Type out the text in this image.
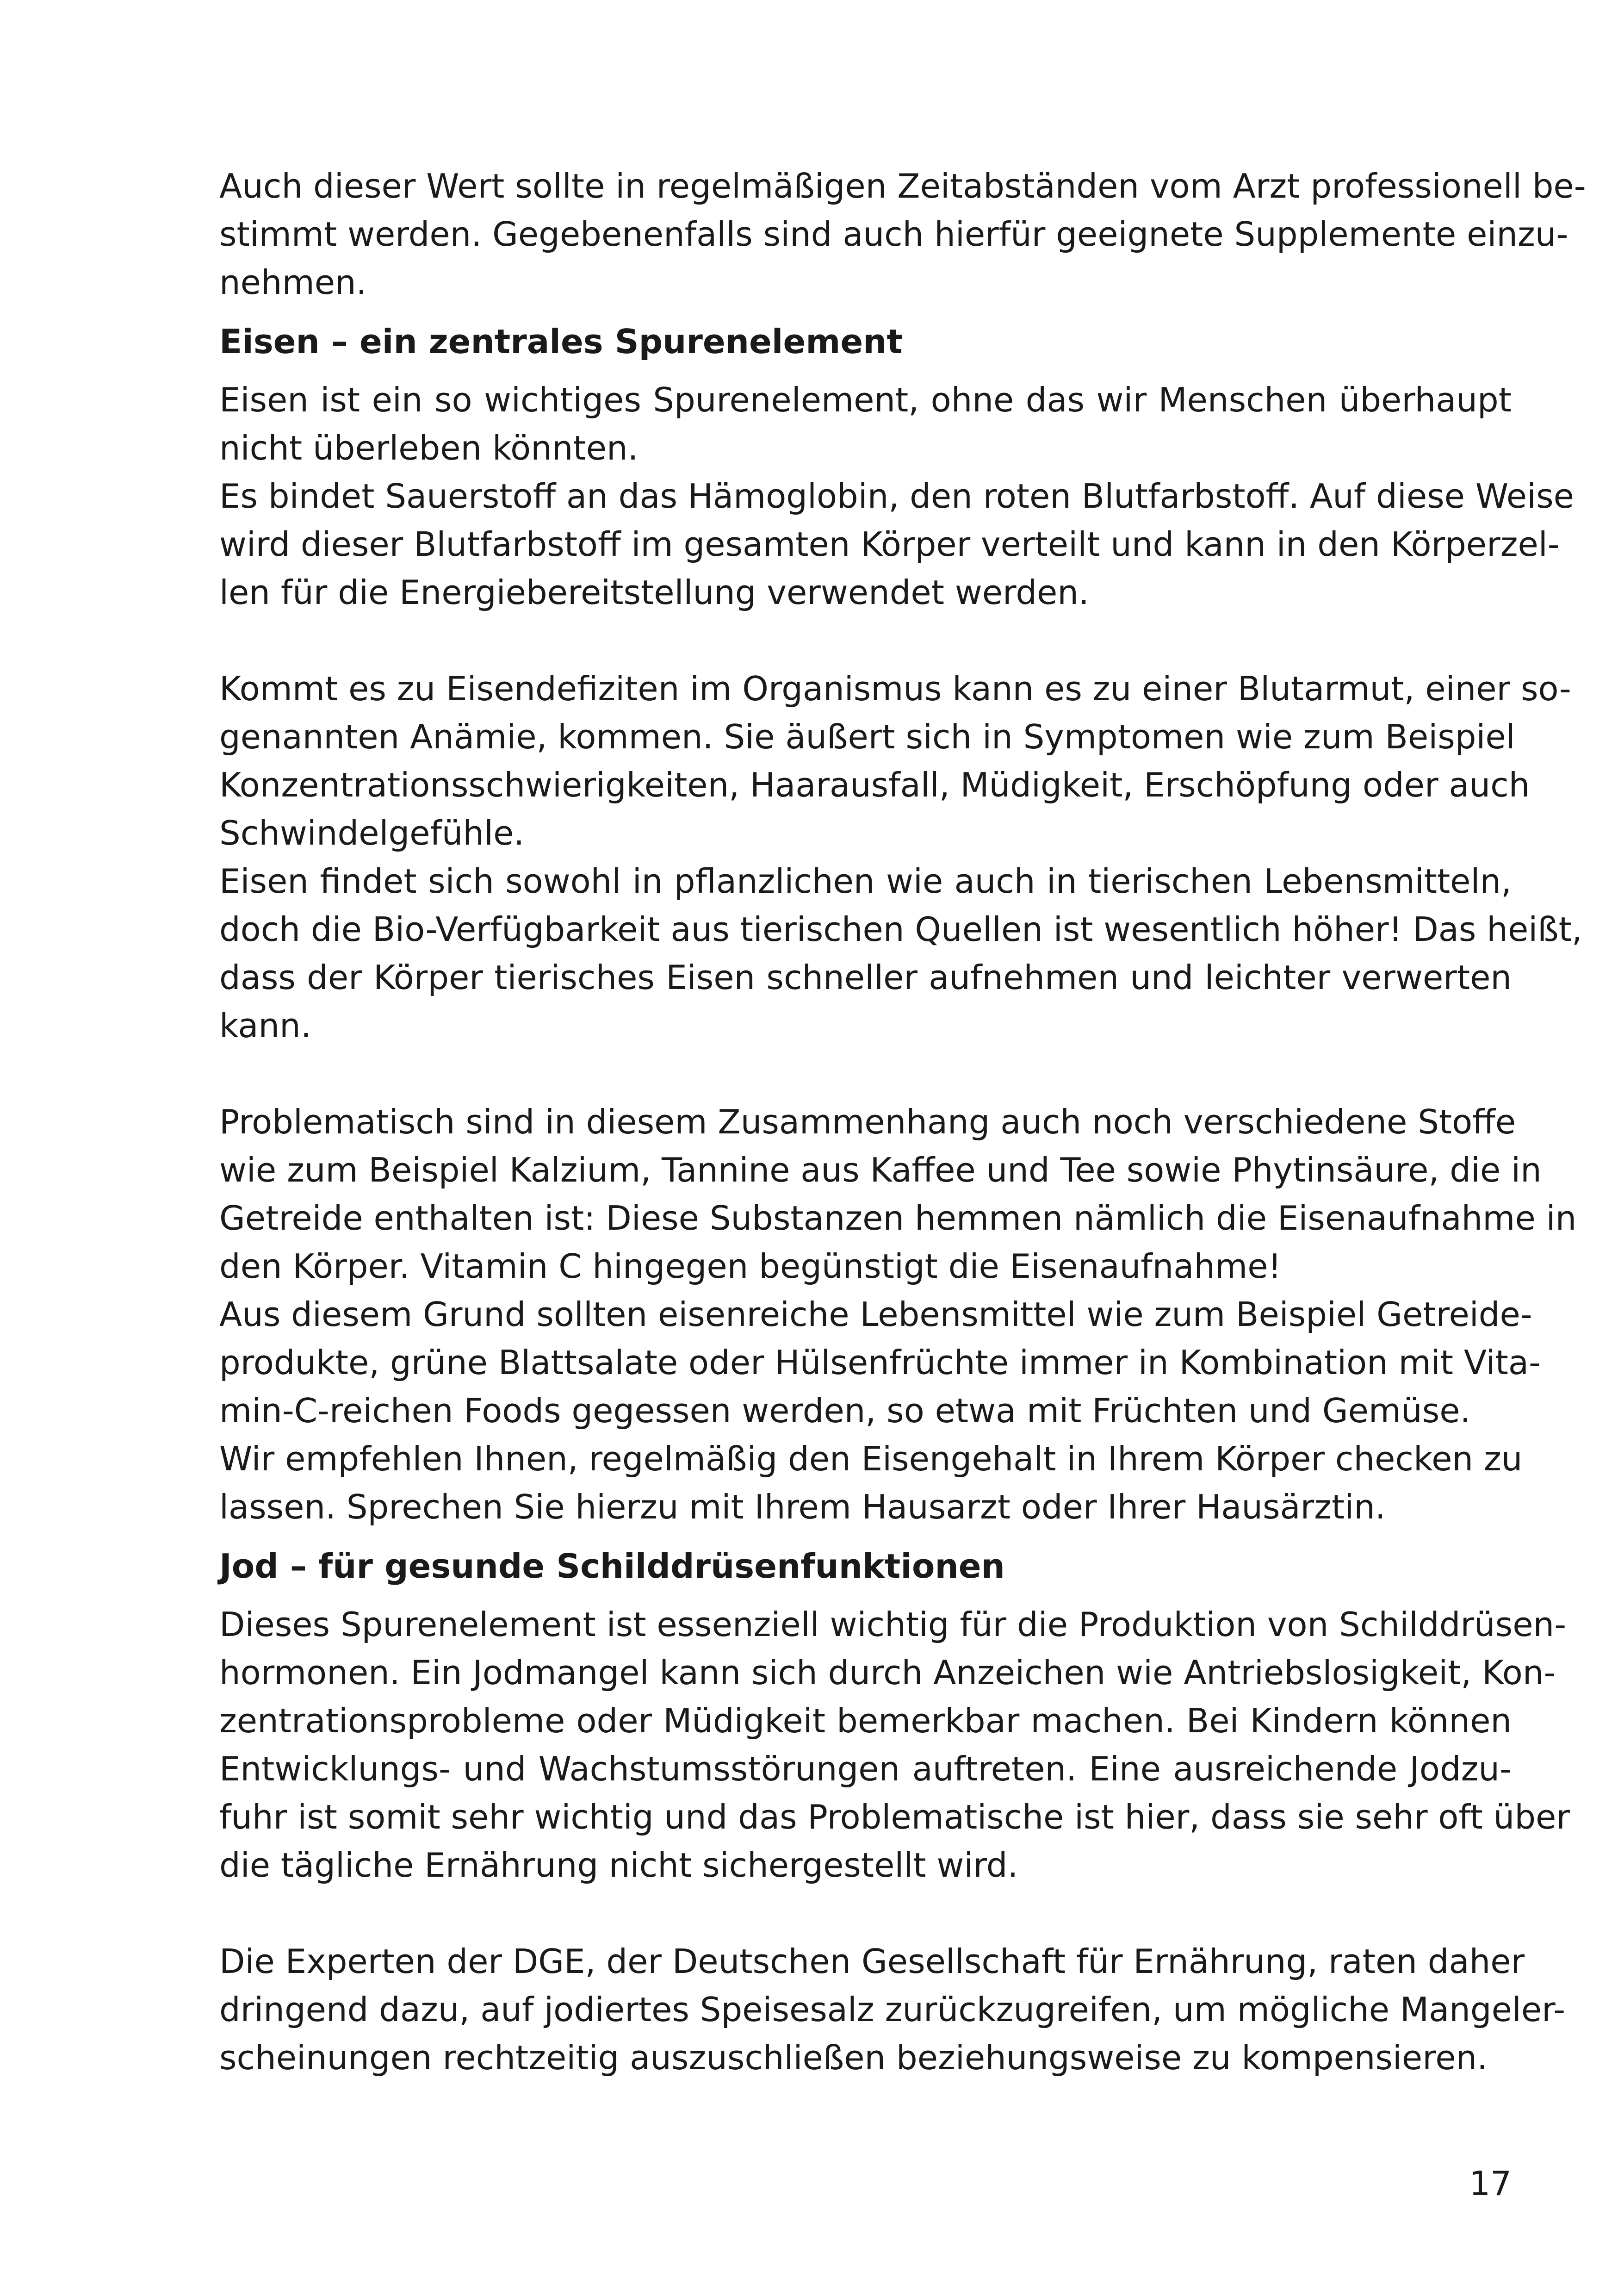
Auch dieser Wert sollte in regelmäßigen Zeitabständen vom Arzt professionell be-
stimmt werden. Gegebenenfalls sind auch hierfür geeignete Supplemente einzu-
nehmen.
Eisen – ein zentrales Spurenelement
Eisen ist ein so wichtiges Spurenelement, ohne das wir Menschen überhaupt
nicht überleben könnten.
Es bindet Sauerstoff an das Hämoglobin, den roten Blutfarbstoff. Auf diese Weise
wird dieser Blutfarbstoff im gesamten Körper verteilt und kann in den Körperzel-
len für die Energiebereitstellung verwendet werden.
Kommt es zu Eisendefiziten im Organismus kann es zu einer Blutarmut, einer so-
genannten Anämie, kommen. Sie äußert sich in Symptomen wie zum Beispiel
Konzentrationsschwierigkeiten, Haarausfall, Müdigkeit, Erschöpfung oder auch
Schwindelgefühle.
Eisen findet sich sowohl in pflanzlichen wie auch in tierischen Lebensmitteln,
doch die Bio-Verfügbarkeit aus tierischen Quellen ist wesentlich höher! Das heißt,
dass der Körper tierisches Eisen schneller aufnehmen und leichter verwerten
kann.
Problematisch sind in diesem Zusammenhang auch noch verschiedene Stoffe
wie zum Beispiel Kalzium, Tannine aus Kaffee und Tee sowie Phytinsäure, die in
Getreide enthalten ist: Diese Substanzen hemmen nämlich die Eisenaufnahme in
den Körper. Vitamin C hingegen begünstigt die Eisenaufnahme!
Aus diesem Grund sollten eisenreiche Lebensmittel wie zum Beispiel Getreide-
produkte, grüne Blattsalate oder Hülsenfrüchte immer in Kombination mit Vita-
min-C-reichen Foods gegessen werden, so etwa mit Früchten und Gemüse.
Wir empfehlen Ihnen, regelmäßig den Eisengehalt in Ihrem Körper checken zu
lassen. Sprechen Sie hierzu mit Ihrem Hausarzt oder Ihrer Hausärztin.
Jod – für gesunde Schilddrüsenfunktionen
Dieses Spurenelement ist essenziell wichtig für die Produktion von Schilddrüsen-
hormonen. Ein Jodmangel kann sich durch Anzeichen wie Antriebslosigkeit, Kon-
zentrationsprobleme oder Müdigkeit bemerkbar machen. Bei Kindern können
Entwicklungs- und Wachstumsstörungen auftreten. Eine ausreichende Jodzu-
fuhr ist somit sehr wichtig und das Problematische ist hier, dass sie sehr oft über
die tägliche Ernährung nicht sichergestellt wird.
Die Experten der DGE, der Deutschen Gesellschaft für Ernährung, raten daher
dringend dazu, auf jodiertes Speisesalz zurückzugreifen, um mögliche Mangeler-
scheinungen rechtzeitig auszuschließen beziehungsweise zu kompensieren.
17
